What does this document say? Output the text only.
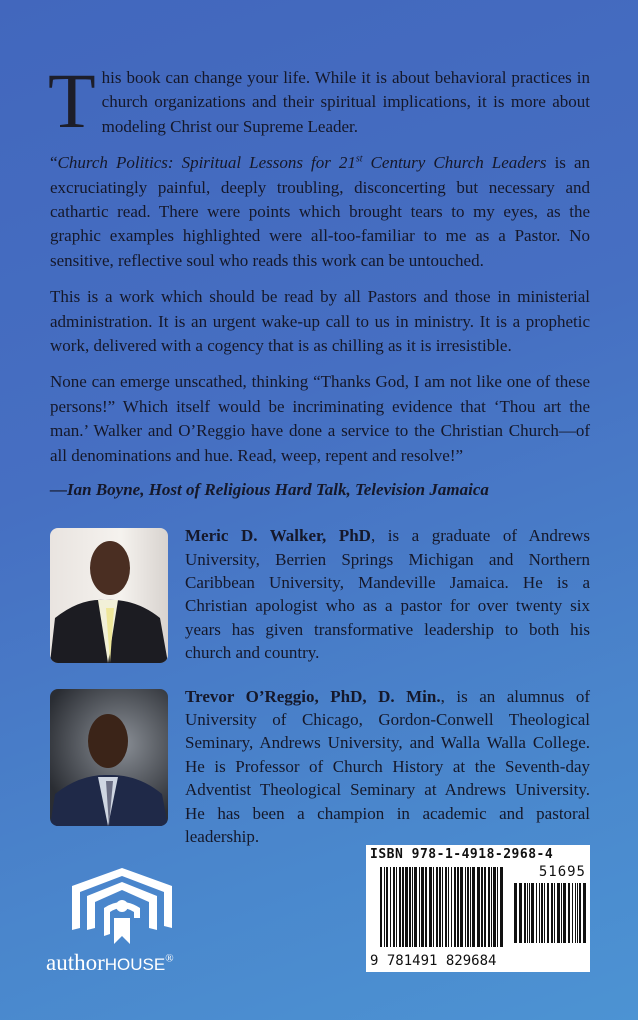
This book can change your life. While it is about behavioral practices in church organizations and their spiritual implications, it is more about modeling Christ our Supreme Leader.

“Church Politics: Spiritual Lessons for 21st Century Church Leaders is an excruciatingly painful, deeply troubling, disconcerting but necessary and cathartic read. There were points which brought tears to my eyes, as the graphic examples highlighted were all-too-familiar to me as a Pastor. No sensitive, reflective soul who reads this work can be untouched.

This is a work which should be read by all Pastors and those in ministerial administration. It is an urgent wake-up call to us in ministry. It is a prophetic work, delivered with a cogency that is as chilling as it is irresistible.

None can emerge unscathed, thinking “Thanks God, I am not like one of these persons!” Which itself would be incriminating evidence that ‘Thou art the man.’ Walker and O’Reggio have done a service to the Christian Church—of all denominations and hue. Read, weep, repent and resolve!”

—Ian Boyne, Host of Religious Hard Talk, Television Jamaica

Meric D. Walker, PhD, is a graduate of Andrews University, Berrien Springs Michigan and Northern Caribbean University, Mandeville Jamaica. He is a Christian apologist who as a pastor for over twenty six years has given transformative leadership to both his church and country.

Trevor O’Reggio, PhD, D. Min., is an alumnus of University of Chicago, Gordon-Conwell Theological Seminary, Andrews University, and Walla Walla College. He is Professor of Church History at the Seventh-day Adventist Theological Seminary at Andrews University. He has been a champion in academic and pastoral leadership.

authorHOUSE®
ISBN 978-1-4918-2968-4
51695
9 781491 829684
